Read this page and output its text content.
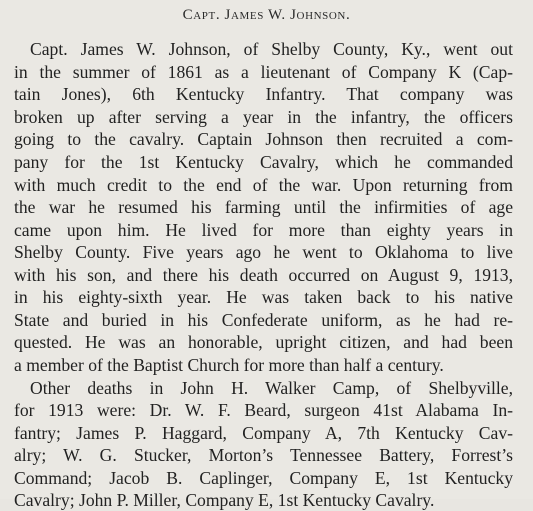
Capt. James W. Johnson.
Capt. James W. Johnson, of Shelby County, Ky., went out
in the summer of 1861 as a lieutenant of Company K (Cap-
tain Jones), 6th Kentucky Infantry. That company was
broken up after serving a year in the infantry, the officers
going to the cavalry. Captain Johnson then recruited a com-
pany for the 1st Kentucky Cavalry, which he commanded
with much credit to the end of the war. Upon returning from
the war he resumed his farming until the infirmities of age
came upon him. He lived for more than eighty years in
Shelby County. Five years ago he went to Oklahoma to live
with his son, and there his death occurred on August 9, 1913,
in his eighty-sixth year. He was taken back to his native
State and buried in his Confederate uniform, as he had re-
quested. He was an honorable, upright citizen, and had been
a member of the Baptist Church for more than half a century.
Other deaths in John H. Walker Camp, of Shelbyville,
for 1913 were: Dr. W. F. Beard, surgeon 41st Alabama In-
fantry; James P. Haggard, Company A, 7th Kentucky Cav-
alry; W. G. Stucker, Morton’s Tennessee Battery, Forrest’s
Command; Jacob B. Caplinger, Company E, 1st Kentucky
Cavalry; John P. Miller, Company E, 1st Kentucky Cavalry.
